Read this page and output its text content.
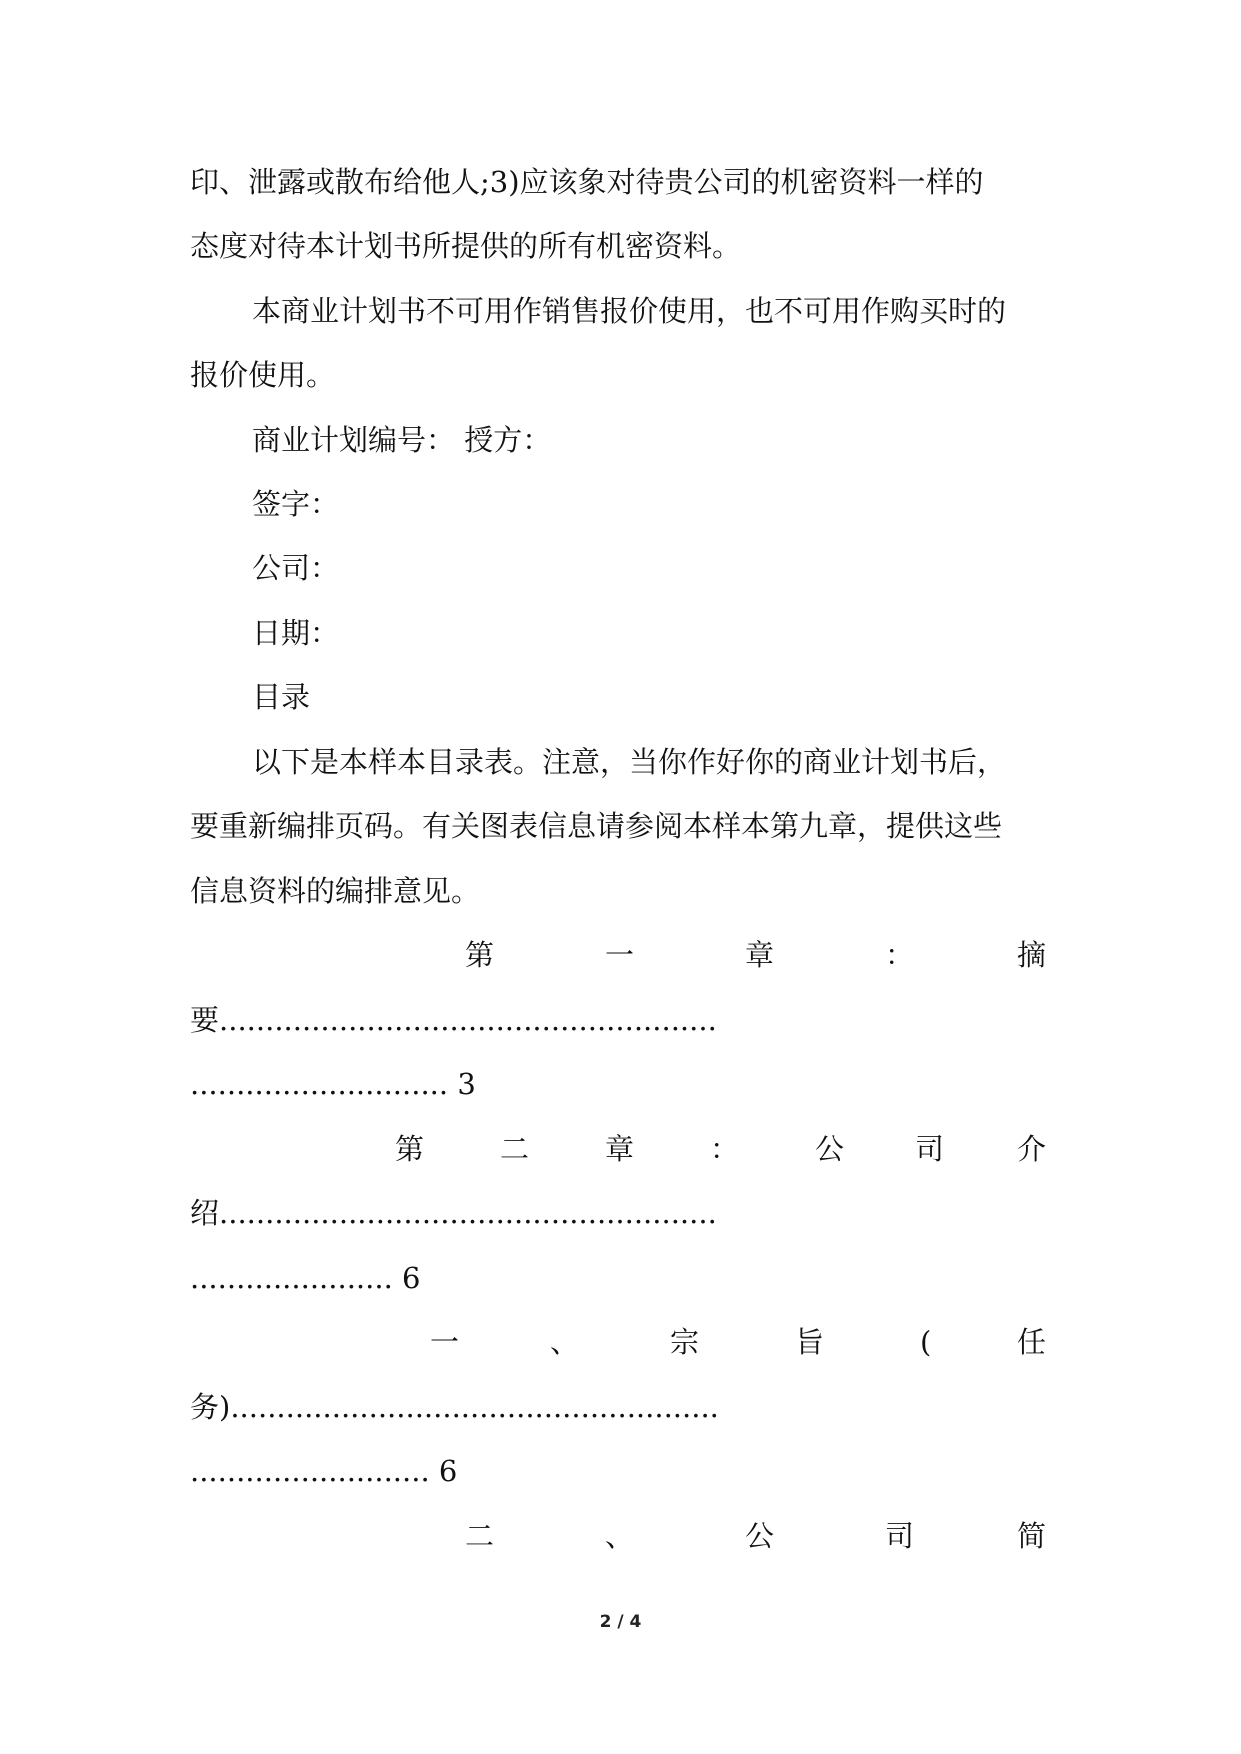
印、泄露或散布给他人;3)应该象对待贵公司的机密资料一样的
态度对待本计划书所提供的所有机密资料。
本商业计划书不可用作销售报价使用，也不可用作购买时的
报价使用。
商业计划编号： 授方：
签字：
公司：
日期：
目录
以下是本样本目录表。注意，当你作好你的商业计划书后，
要重新编排页码。有关图表信息请参阅本样本第九章，提供这些
信息资料的编排意见。
第	一	章	：	摘
要......................................................
............................ 3
第	二	章	：	公 司	介
绍......................................................
...................... 6
一	、	宗	旨	(	任
务).....................................................
.......................... 6
二	、	公	司	简
2 / 4
